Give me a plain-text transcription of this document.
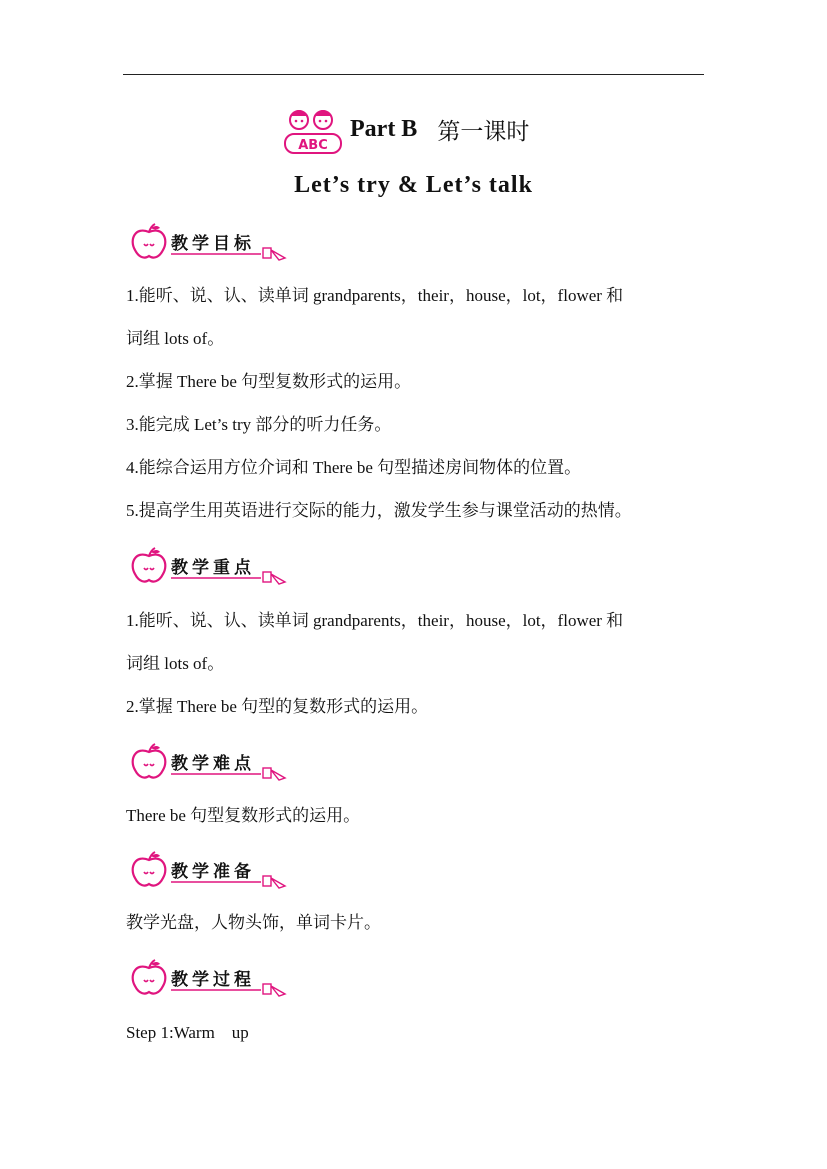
ABC
Part B 第一课时
Let’s try & Let’s talk
教学目标
1.能听、说、认、读单词 grandparents，their，house，lot，flower 和
词组 lots of。
2.掌握 There be 句型复数形式的运用。
3.能完成 Let’s try 部分的听力任务。
4.能综合运用方位介词和 There be 句型描述房间物体的位置。
5.提高学生用英语进行交际的能力，激发学生参与课堂活动的热情。
教学重点
1.能听、说、认、读单词 grandparents，their，house，lot，flower 和
词组 lots of。
2.掌握 There be 句型的复数形式的运用。
教学难点
There be 句型复数形式的运用。
教学准备
教学光盘，人物头饰，单词卡片。
教学过程
Step 1:Warm    up
